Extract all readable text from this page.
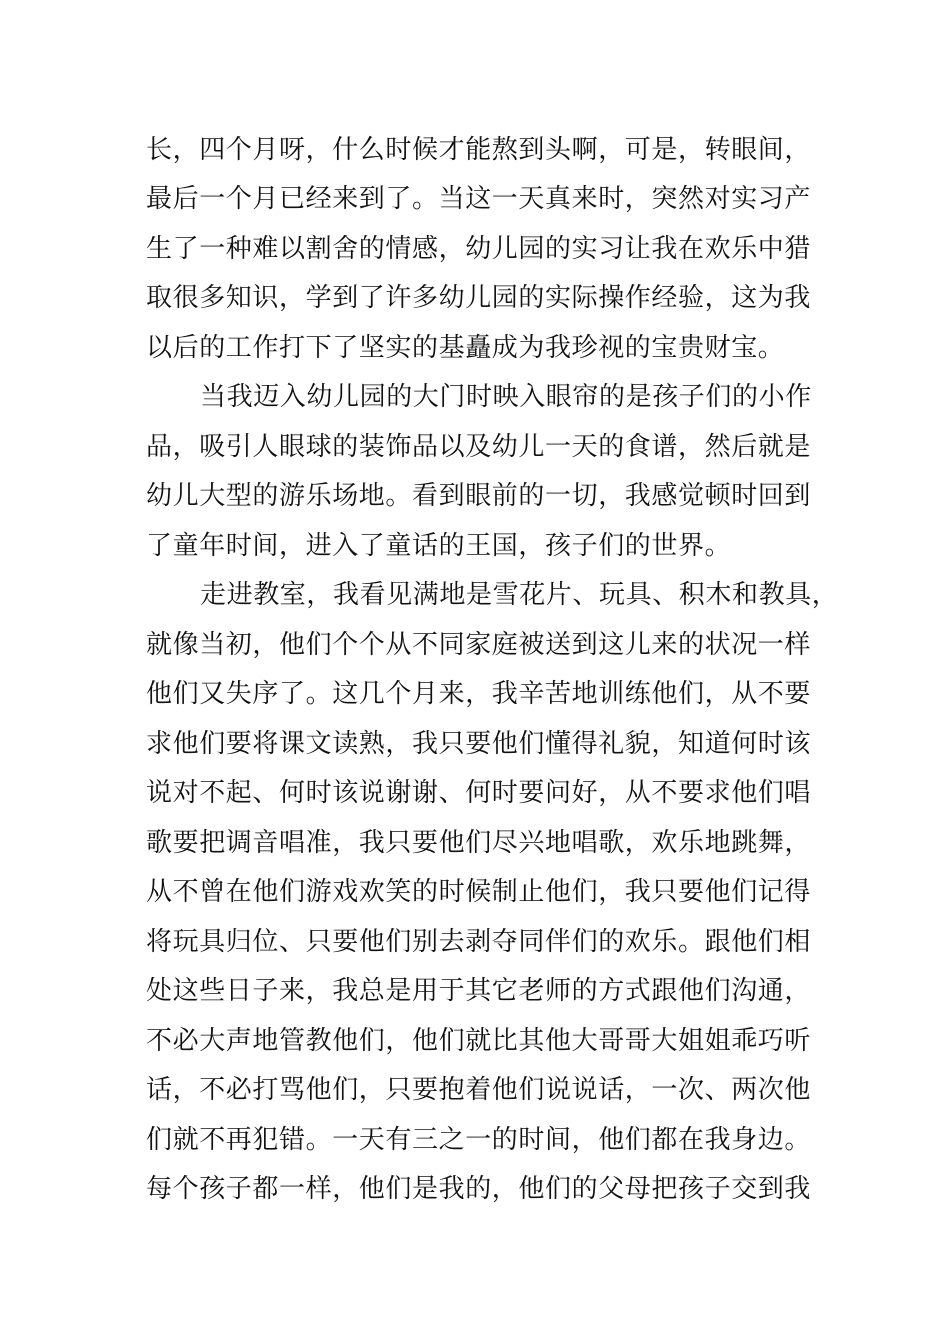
长，四个月呀，什么时候才能熬到头啊，可是，转眼间，
最后一个月已经来到了。当这一天真来时，突然对实习产
生了一种难以割舍的情感，幼儿园的实习让我在欢乐中猎
取很多知识，学到了许多幼儿园的实际操作经验，这为我
以后的工作打下了坚实的基矗成为我珍视的宝贵财宝。
当我迈入幼儿园的大门时映入眼帘的是孩子们的小作
品，吸引人眼球的装饰品以及幼儿一天的食谱，然后就是
幼儿大型的游乐场地。看到眼前的一切，我感觉顿时回到
了童年时间，进入了童话的王国，孩子们的世界。
走进教室，我看见满地是雪花片、玩具、积木和教具，
就像当初，他们个个从不同家庭被送到这儿来的状况一样
他们又失序了。这几个月来，我辛苦地训练他们，从不要
求他们要将课文读熟，我只要他们懂得礼貌，知道何时该
说对不起、何时该说谢谢、何时要问好，从不要求他们唱
歌要把调音唱准，我只要他们尽兴地唱歌，欢乐地跳舞，
从不曾在他们游戏欢笑的时候制止他们，我只要他们记得
将玩具归位、只要他们别去剥夺同伴们的欢乐。跟他们相
处这些日子来，我总是用于其它老师的方式跟他们沟通，
不必大声地管教他们，他们就比其他大哥哥大姐姐乖巧听
话，不必打骂他们，只要抱着他们说说话，一次、两次他
们就不再犯错。一天有三之一的时间，他们都在我身边。
每个孩子都一样，他们是我的，他们的父母把孩子交到我
